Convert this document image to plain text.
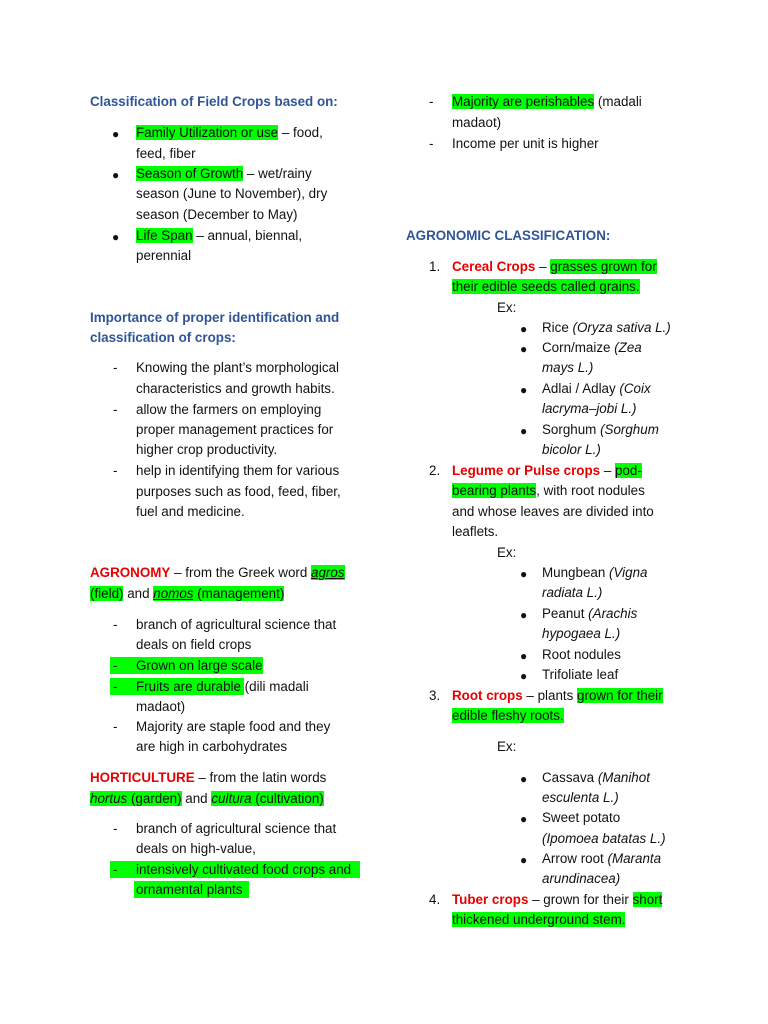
Classification of Field Crops based on:
● Family Utilization or use – food,
feed, fiber
● Season of Growth – wet/rainy
season (June to November), dry
season (December to May)
● Life Span – annual, biennal,
perennial
Importance of proper identification and
classification of crops:
- Knowing the plant’s morphological
characteristics and growth habits.
- allow the farmers on employing
proper management practices for
higher crop productivity.
- help in identifying them for various
purposes such as food, feed, fiber,
fuel and medicine.
AGRONOMY – from the Greek word agros
(field) and nomos (management)
- branch of agricultural science that
deals on field crops
- Grown on large scale
- Fruits are durable (dili madali
madaot)
- Majority are staple food and they
are high in carbohydrates
HORTICULTURE – from the latin words
hortus (garden) and cultura (cultivation)
- branch of agricultural science that
deals on high-value,
- intensively cultivated food crops and
ornamental plants
- Majority are perishables (madali
madaot)
- Income per unit is higher
AGRONOMIC CLASSIFICATION:
1. Cereal Crops – grasses grown for
their edible seeds called grains.
Ex:
● Rice (Oryza sativa L.)
● Corn/maize (Zea
mays L.)
● Adlai / Adlay (Coix
lacryma–jobi L.)
● Sorghum (Sorghum
bicolor L.)
2. Legume or Pulse crops – pod-
bearing plants, with root nodules
and whose leaves are divided into
leaflets.
Ex:
● Mungbean (Vigna
radiata L.)
● Peanut (Arachis
hypogaea L.)
● Root nodules
● Trifoliate leaf
3. Root crops – plants grown for their
edible fleshy roots.
Ex:
● Cassava (Manihot
esculenta L.)
● Sweet potato
(Ipomoea batatas L.)
● Arrow root (Maranta
arundinacea)
4. Tuber crops – grown for their short
thickened underground stem.
